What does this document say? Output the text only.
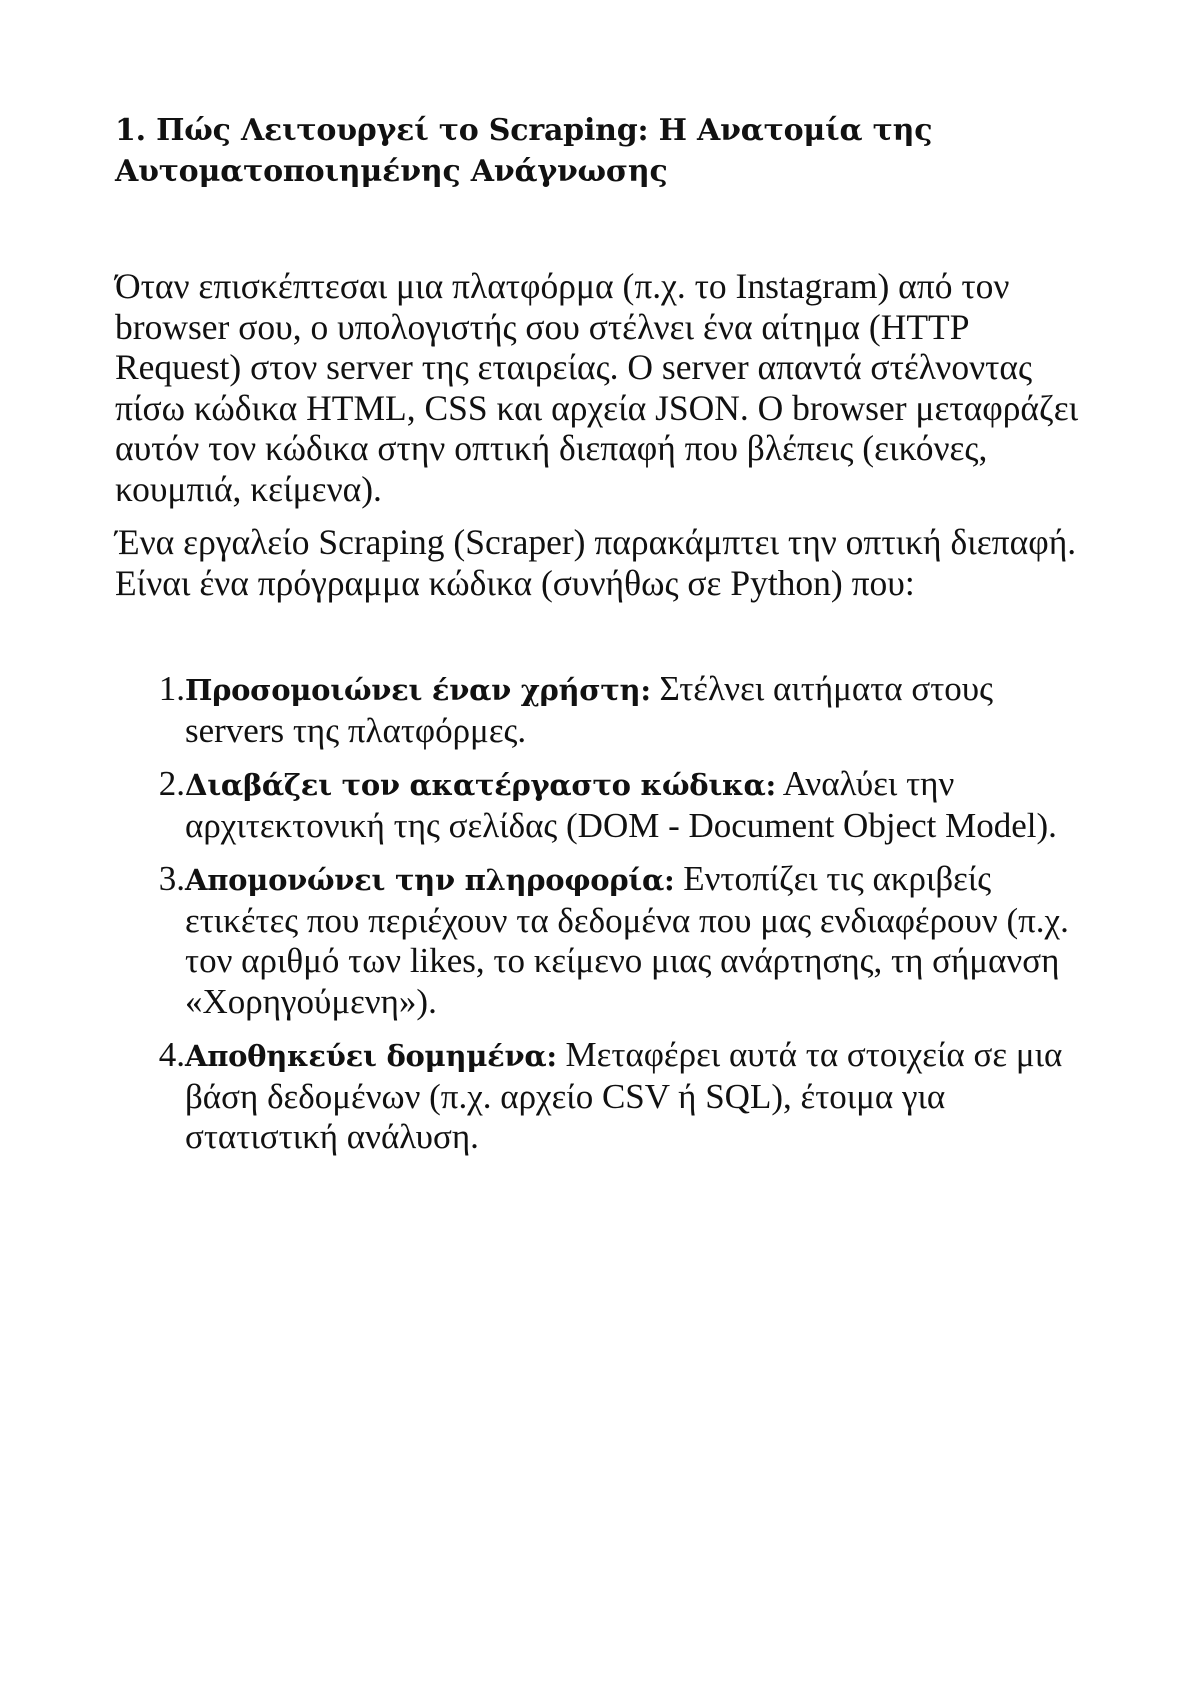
1. Πώς Λειτουργεί το Scraping: Η Ανατομία της Αυτοματοποιημένης Ανάγνωσης

Όταν επισκέπτεσαι μια πλατφόρμα (π.χ. το Instagram) από τον browser σου, ο υπολογιστής σου στέλνει ένα αίτημα (HTTP Request) στον server της εταιρείας. Ο server απαντά στέλνοντας πίσω κώδικα HTML, CSS και αρχεία JSON. Ο browser μεταφράζει αυτόν τον κώδικα στην οπτική διεπαφή που βλέπεις (εικόνες, κουμπιά, κείμενα).

Ένα εργαλείο Scraping (Scraper) παρακάμπτει την οπτική διεπαφή. Είναι ένα πρόγραμμα κώδικα (συνήθως σε Python) που:

1. Προσομοιώνει έναν χρήστη: Στέλνει αιτήματα στους servers της πλατφόρμες.
2. Διαβάζει τον ακατέργαστο κώδικα: Αναλύει την αρχιτεκτονική της σελίδας (DOM - Document Object Model).
3. Απομονώνει την πληροφορία: Εντοπίζει τις ακριβείς ετικέτες που περιέχουν τα δεδομένα που μας ενδιαφέρουν (π.χ. τον αριθμό των likes, το κείμενο μιας ανάρτησης, τη σήμανση «Χορηγούμενη»).
4. Αποθηκεύει δομημένα: Μεταφέρει αυτά τα στοιχεία σε μια βάση δεδομένων (π.χ. αρχείο CSV ή SQL), έτοιμα για στατιστική ανάλυση.
